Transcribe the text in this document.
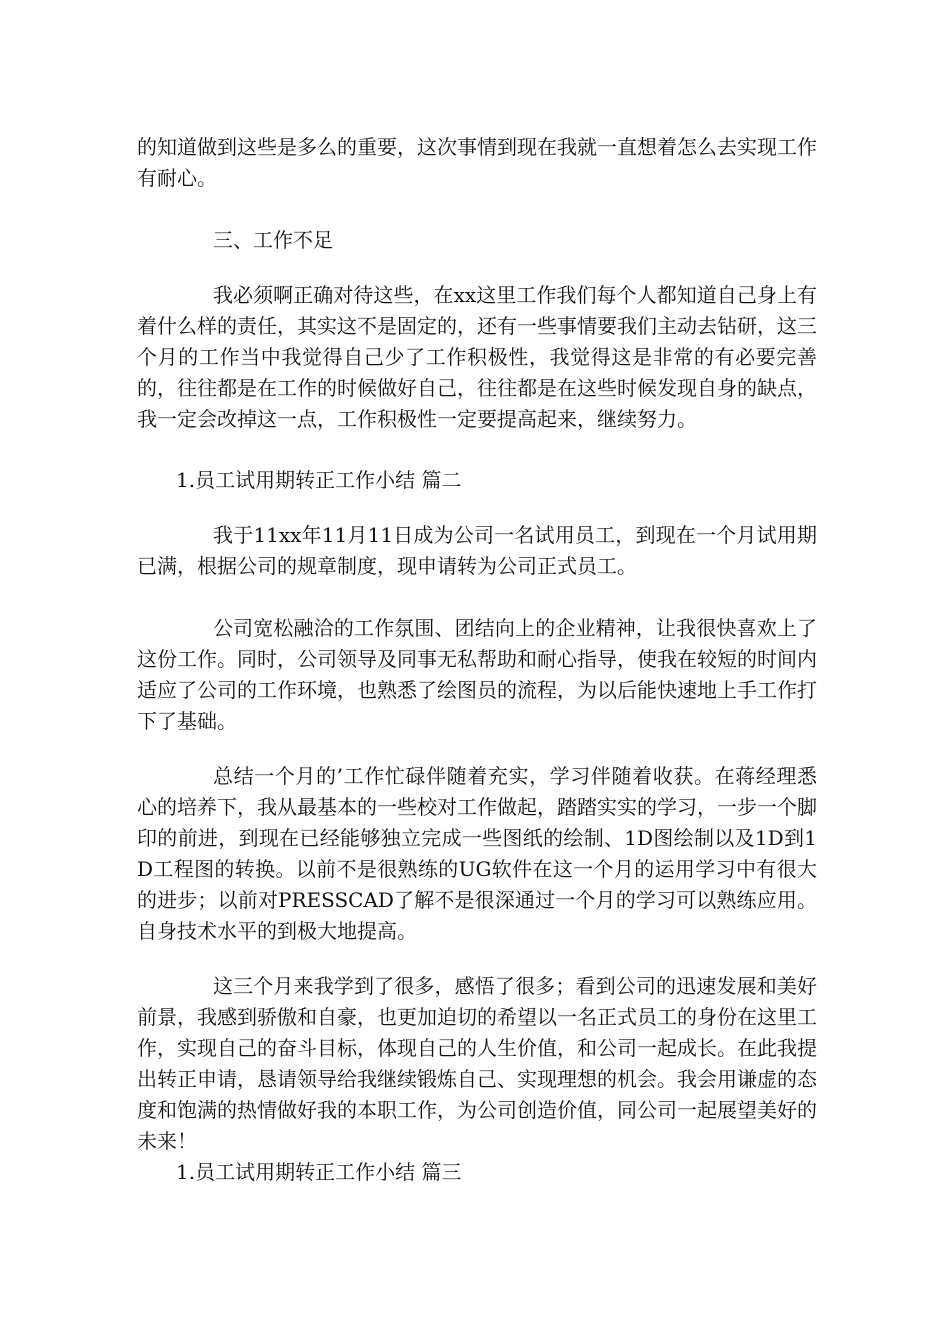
的知道做到这些是多么的重要，这次事情到现在我就一直想着怎么去实现工作有耐心。

三、工作不足

我必须啊正确对待这些，在xx这里工作我们每个人都知道自己身上有着什么样的责任，其实这不是固定的，还有一些事情要我们主动去钻研，这三个月的工作当中我觉得自己少了工作积极性，我觉得这是非常的有必要完善的，往往都是在工作的时候做好自己，往往都是在这些时候发现自身的缺点，我一定会改掉这一点，工作积极性一定要提高起来，继续努力。

1.员工试用期转正工作小结 篇二

我于11xx年11月11日成为公司一名试用员工，到现在一个月试用期已满，根据公司的规章制度，现申请转为公司正式员工。

公司宽松融洽的工作氛围、团结向上的企业精神，让我很快喜欢上了这份工作。同时，公司领导及同事无私帮助和耐心指导，使我在较短的时间内适应了公司的工作环境，也熟悉了绘图员的流程，为以后能快速地上手工作打下了基础。

总结一个月的’工作忙碌伴随着充实，学习伴随着收获。在蒋经理悉心的培养下，我从最基本的一些校对工作做起，踏踏实实的学习，一步一个脚印的前进，到现在已经能够独立完成一些图纸的绘制、1D图绘制以及1D到1D工程图的转换。以前不是很熟练的UG软件在这一个月的运用学习中有很大的进步；以前对PRESSCAD了解不是很深通过一个月的学习可以熟练应用。自身技术水平的到极大地提高。

这三个月来我学到了很多，感悟了很多；看到公司的迅速发展和美好前景，我感到骄傲和自豪，也更加迫切的希望以一名正式员工的身份在这里工作，实现自己的奋斗目标，体现自己的人生价值，和公司一起成长。在此我提出转正申请，恳请领导给我继续锻炼自己、实现理想的机会。我会用谦虚的态度和饱满的热情做好我的本职工作，为公司创造价值，同公司一起展望美好的未来！

1.员工试用期转正工作小结 篇三
